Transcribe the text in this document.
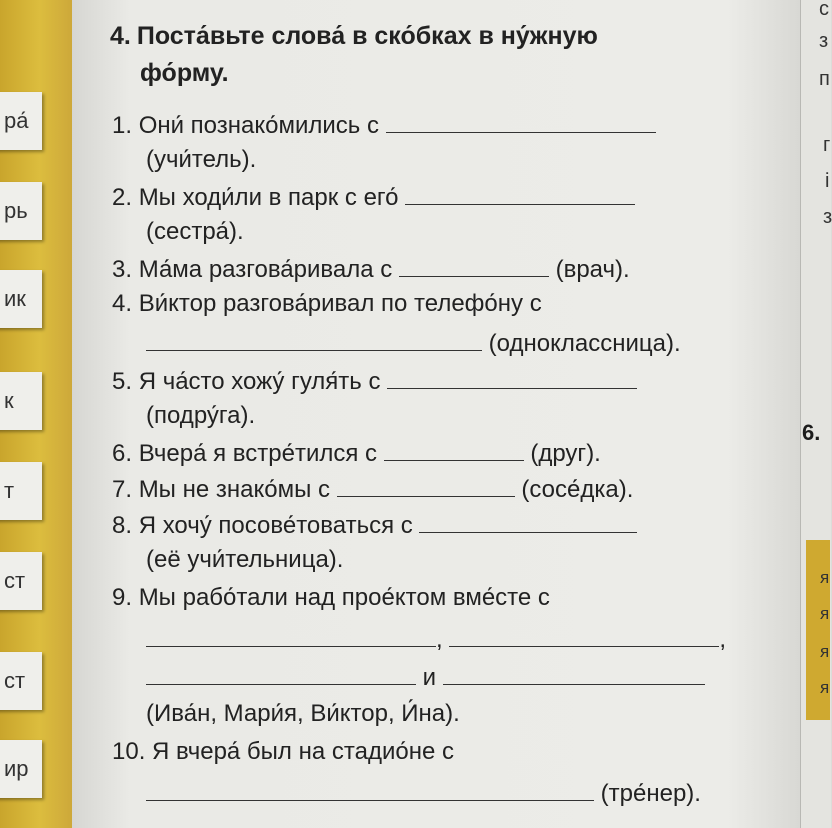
ра́
рь
ик
к
т
ст
ст
ир
с
з
п
г
і
з
я
я
я
я
6.
4. Поста́вьте слова́ в ско́бках в ну́жную
фо́рму.
1. Они́ познако́мились с
(учи́тель).
2. Мы ходи́ли в парк с его́
(сестра́).
3. Ма́ма разгова́ривала с	(врач).
4. Ви́ктор разгова́ривал по телефо́ну с
(одноклассница).
5. Я ча́сто хожу́ гуля́ть с
(подру́га).
6. Вчера́ я встре́тился с	(друг).
7. Мы не знако́мы с	(сосе́дка).
8. Я хочу́ посове́товаться с
(её учи́тельница).
9. Мы рабо́тали над прое́ктом вме́сте с
,	,
и
(Ива́н, Мари́я, Ви́ктор, И́на).
10. Я вчера́ был на стадио́не с
(тре́нер).
